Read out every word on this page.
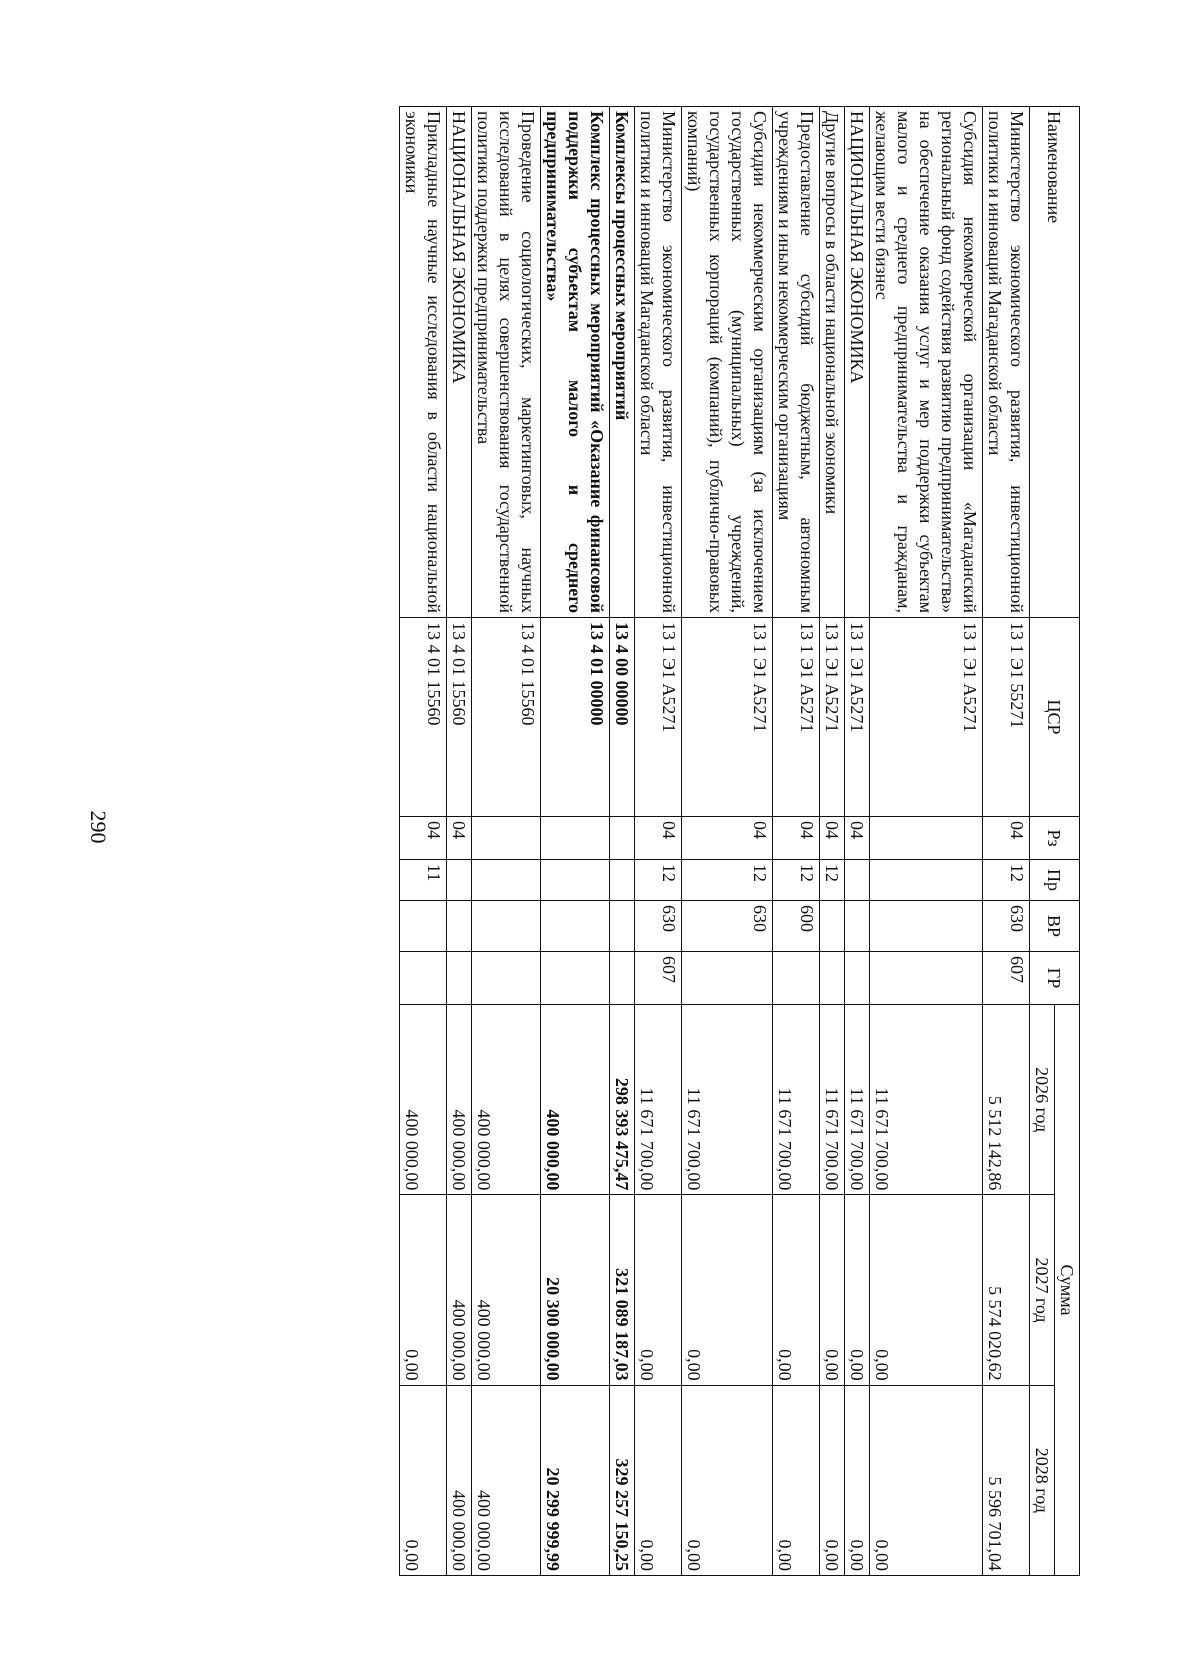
290
Наименование	ЦСР	Рз	Пр	ВР	ГР	Сумма		
						2026 год	2027 год	2028 год
Министерство экономического развития, инвестиционной политики и инноваций Магаданской области	13 1 Э1 55271	04	12	630	607	5 512 142,86	5 574 020,62	5 596 701,04
Субсидия некоммерческой организации «Магаданский региональный фонд содействия развитию предпринимательства» на обеспечение оказания услуг и мер поддержки субъектам малого и среднего предпринимательства и гражданам, желающим вести бизнес	13 1 Э1 А5271					11 671 700,00	0,00	0,00
НАЦИОНАЛЬНАЯ ЭКОНОМИКА	13 1 Э1 А5271	04				11 671 700,00	0,00	0,00
Другие вопросы в области национальной экономики	13 1 Э1 А5271	04	12			11 671 700,00	0,00	0,00
Предоставление субсидий бюджетным, автономным учреждениям и иным некоммерческим организациям	13 1 Э1 А5271	04	12	600		11 671 700,00	0,00	0,00
Субсидии некоммерческим организациям (за исключением государственных (муниципальных) учреждений, государственных корпораций (компаний), публично-правовых компаний)	13 1 Э1 А5271	04	12	630		11 671 700,00	0,00	0,00
Министерство экономического развития, инвестиционной политики и инноваций Магаданской области	13 1 Э1 А5271	04	12	630	607	11 671 700,00	0,00	0,00
Комплексы процессных мероприятий	13 4 00 00000					298 393 475,47	321 089 187,03	329 257 150,25
Комплекс процессных мероприятий «Оказание финансовой поддержки субъектам малого и среднего предпринимательства»	13 4 01 00000					400 000,00	20 300 000,00	20 299 999,99
Проведение социологических, маркетинговых, научных исследований в целях совершенствования государственной политики поддержки предпринимательства	13 4 01 15560					400 000,00	400 000,00	400 000,00
НАЦИОНАЛЬНАЯ ЭКОНОМИКА	13 4 01 15560	04				400 000,00	400 000,00	400 000,00
Прикладные научные исследования в области национальной экономики	13 4 01 15560	04	11			400 000,00	0,00	0,00
